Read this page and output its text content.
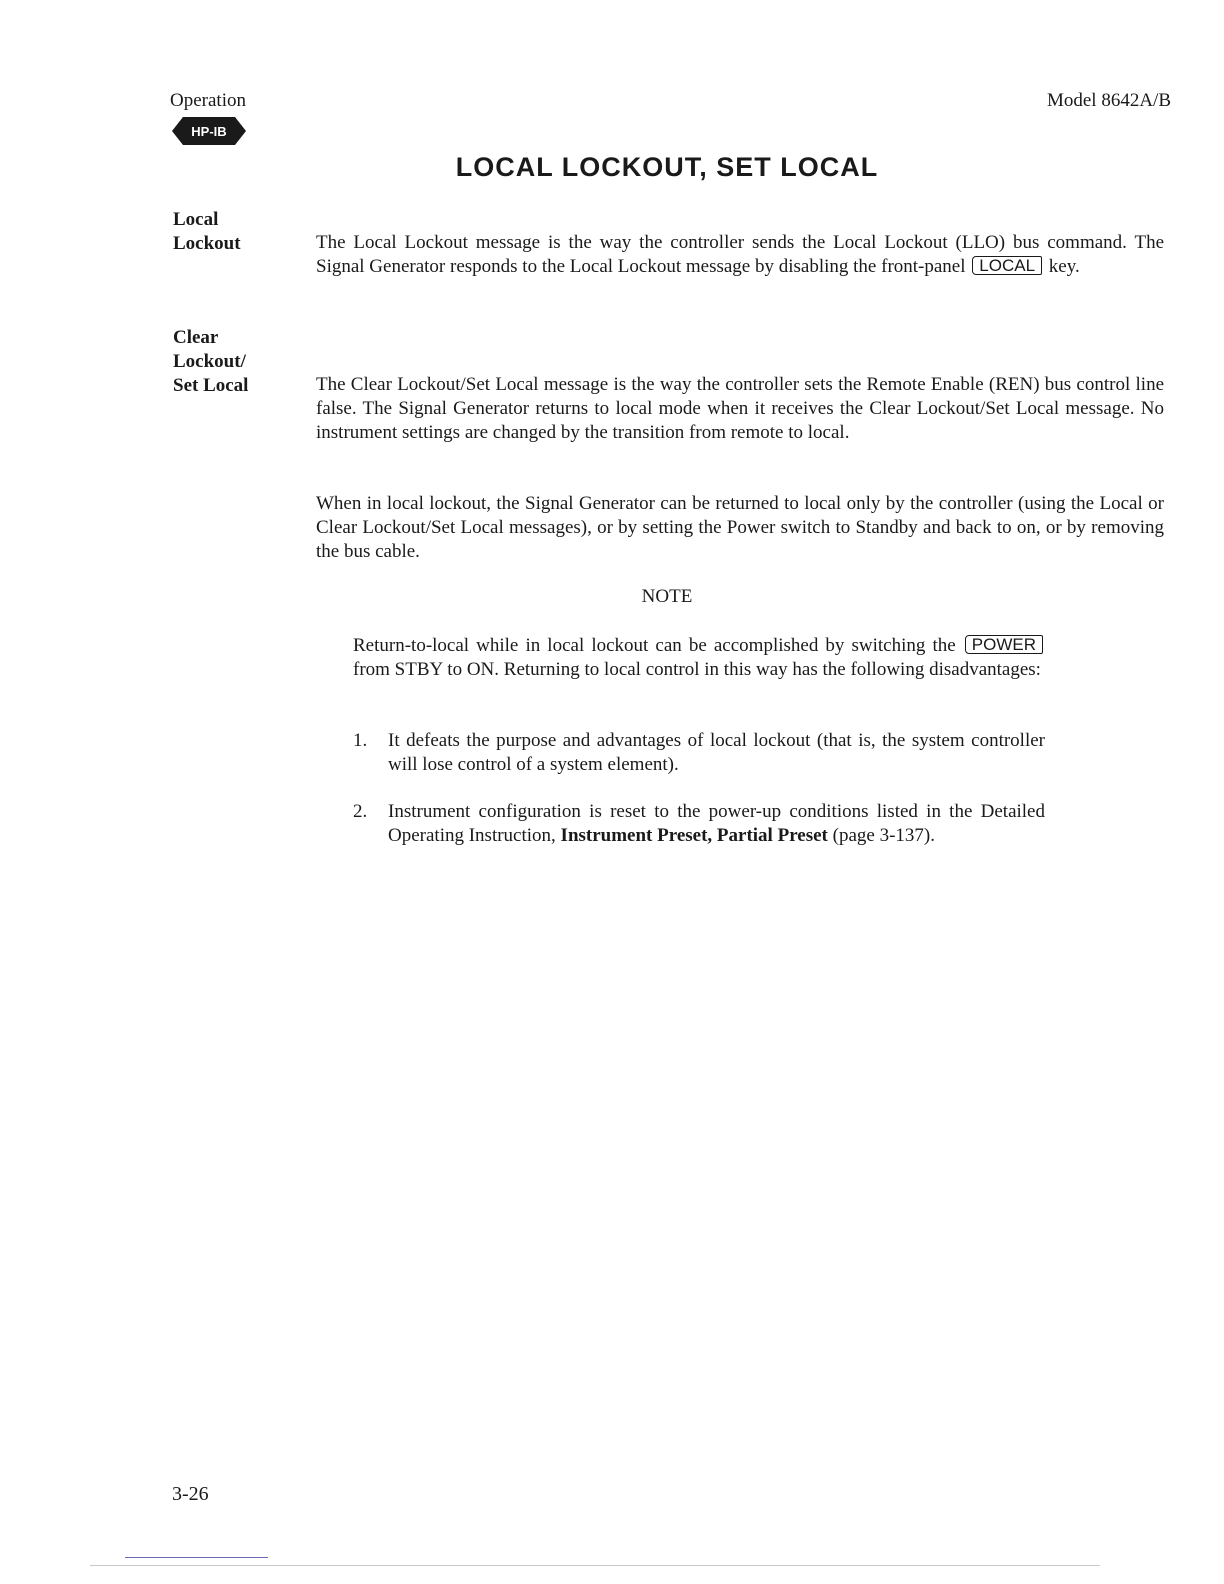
Operation	Model 8642A/B
HP-IB
LOCAL LOCKOUT, SET LOCAL
Local
Lockout	The Local Lockout message is the way the controller sends the Local Lockout (LLO) bus command. The Signal Generator responds to the Local Lockout message by disabling the front-panel LOCAL key.
Clear
Lockout/
Set Local	The Clear Lockout/Set Local message is the way the controller sets the Remote Enable (REN) bus control line false. The Signal Generator returns to local mode when it receives the Clear Lockout/Set Local message. No instrument settings are changed by the transition from remote to local.
When in local lockout, the Signal Generator can be returned to local only by the controller (using the Local or Clear Lockout/Set Local messages), or by setting the Power switch to Standby and back to on, or by removing the bus cable.
NOTE
Return-to-local while in local lockout can be accomplished by switching the POWER from STBY to ON. Returning to local control in this way has the following disadvantages:
1. It defeats the purpose and advantages of local lockout (that is, the system controller will lose control of a system element).
2. Instrument configuration is reset to the power-up conditions listed in the Detailed Operating Instruction, Instrument Preset, Partial Preset (page 3-137).
3-26
